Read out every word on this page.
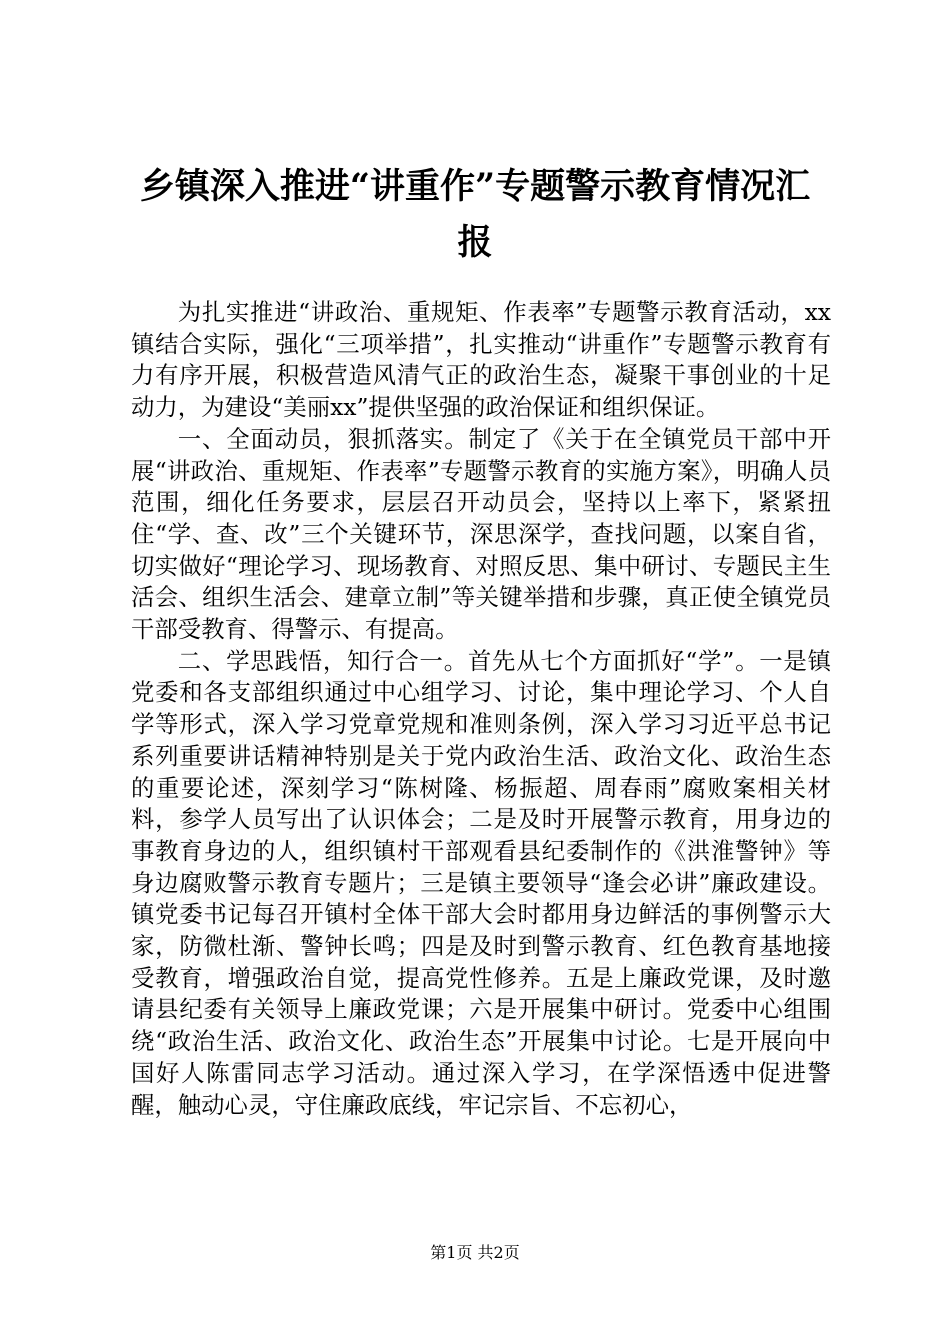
乡镇深入推进“讲重作”专题警示教育情况汇
报

为扎实推进“讲政治、重规矩、作表率”专题警示教育活动，xx镇结合实际，强化“三项举措”，扎实推动“讲重作”专题警示教育有力有序开展，积极营造风清气正的政治生态，凝聚干事创业的十足动力，为建设“美丽xx”提供坚强的政治保证和组织保证。

一、全面动员，狠抓落实。制定了《关于在全镇党员干部中开展“讲政治、重规矩、作表率”专题警示教育的实施方案》，明确人员范围，细化任务要求，层层召开动员会，坚持以上率下，紧紧扭住“学、查、改”三个关键环节，深思深学，查找问题，以案自省，切实做好“理论学习、现场教育、对照反思、集中研讨、专题民主生活会、组织生活会、建章立制”等关键举措和步骤，真正使全镇党员干部受教育、得警示、有提高。

二、学思践悟，知行合一。首先从七个方面抓好“学”。一是镇党委和各支部组织通过中心组学习、讨论，集中理论学习、个人自学等形式，深入学习党章党规和准则条例，深入学习习近平总书记系列重要讲话精神特别是关于党内政治生活、政治文化、政治生态的重要论述，深刻学习“陈树隆、杨振超、周春雨”腐败案相关材料，参学人员写出了认识体会；二是及时开展警示教育，用身边的事教育身边的人，组织镇村干部观看县纪委制作的《洪淮警钟》等身边腐败警示教育专题片；三是镇主要领导“逢会必讲”廉政建设。镇党委书记每召开镇村全体干部大会时都用身边鲜活的事例警示大家，防微杜渐、警钟长鸣；四是及时到警示教育、红色教育基地接受教育，增强政治自觉，提高党性修养。五是上廉政党课，及时邀请县纪委有关领导上廉政党课；六是开展集中研讨。党委中心组围绕“政治生活、政治文化、政治生态”开展集中讨论。七是开展向中国好人陈雷同志学习活动。通过深入学习，在学深悟透中促进警醒，触动心灵，守住廉政底线，牢记宗旨、不忘初心，

第1页 共2页
